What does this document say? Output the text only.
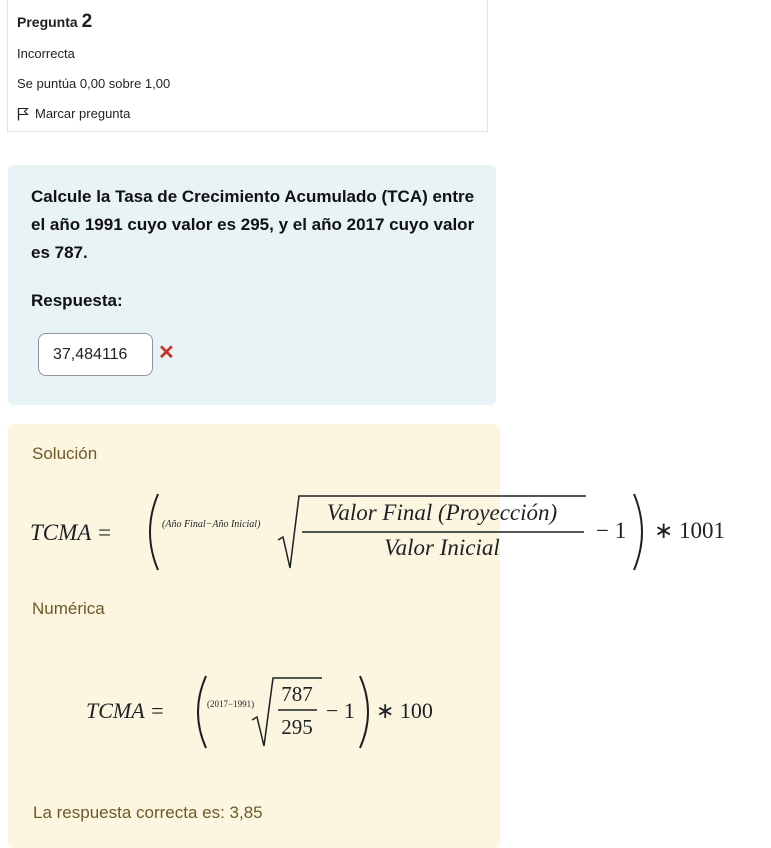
Pregunta 2
Incorrecta
Se puntúa 0,00 sobre 1,00
Marcar pregunta
Calcule la Tasa de Crecimiento Acumulado (TCA) entre el año 1991 cuyo valor es 295, y el año 2017 cuyo valor es 787.
Respuesta:
37,484116
✕
Solución
Numérica
La respuesta correcta es: 3,85
TCMA =	(Año Final−Año Inicial)	Valor Final (Proyección)
Valor Inicial
− 1 ∗ 1001
TCMA =	(2017−1991) 787
295
− 1 ∗ 100
